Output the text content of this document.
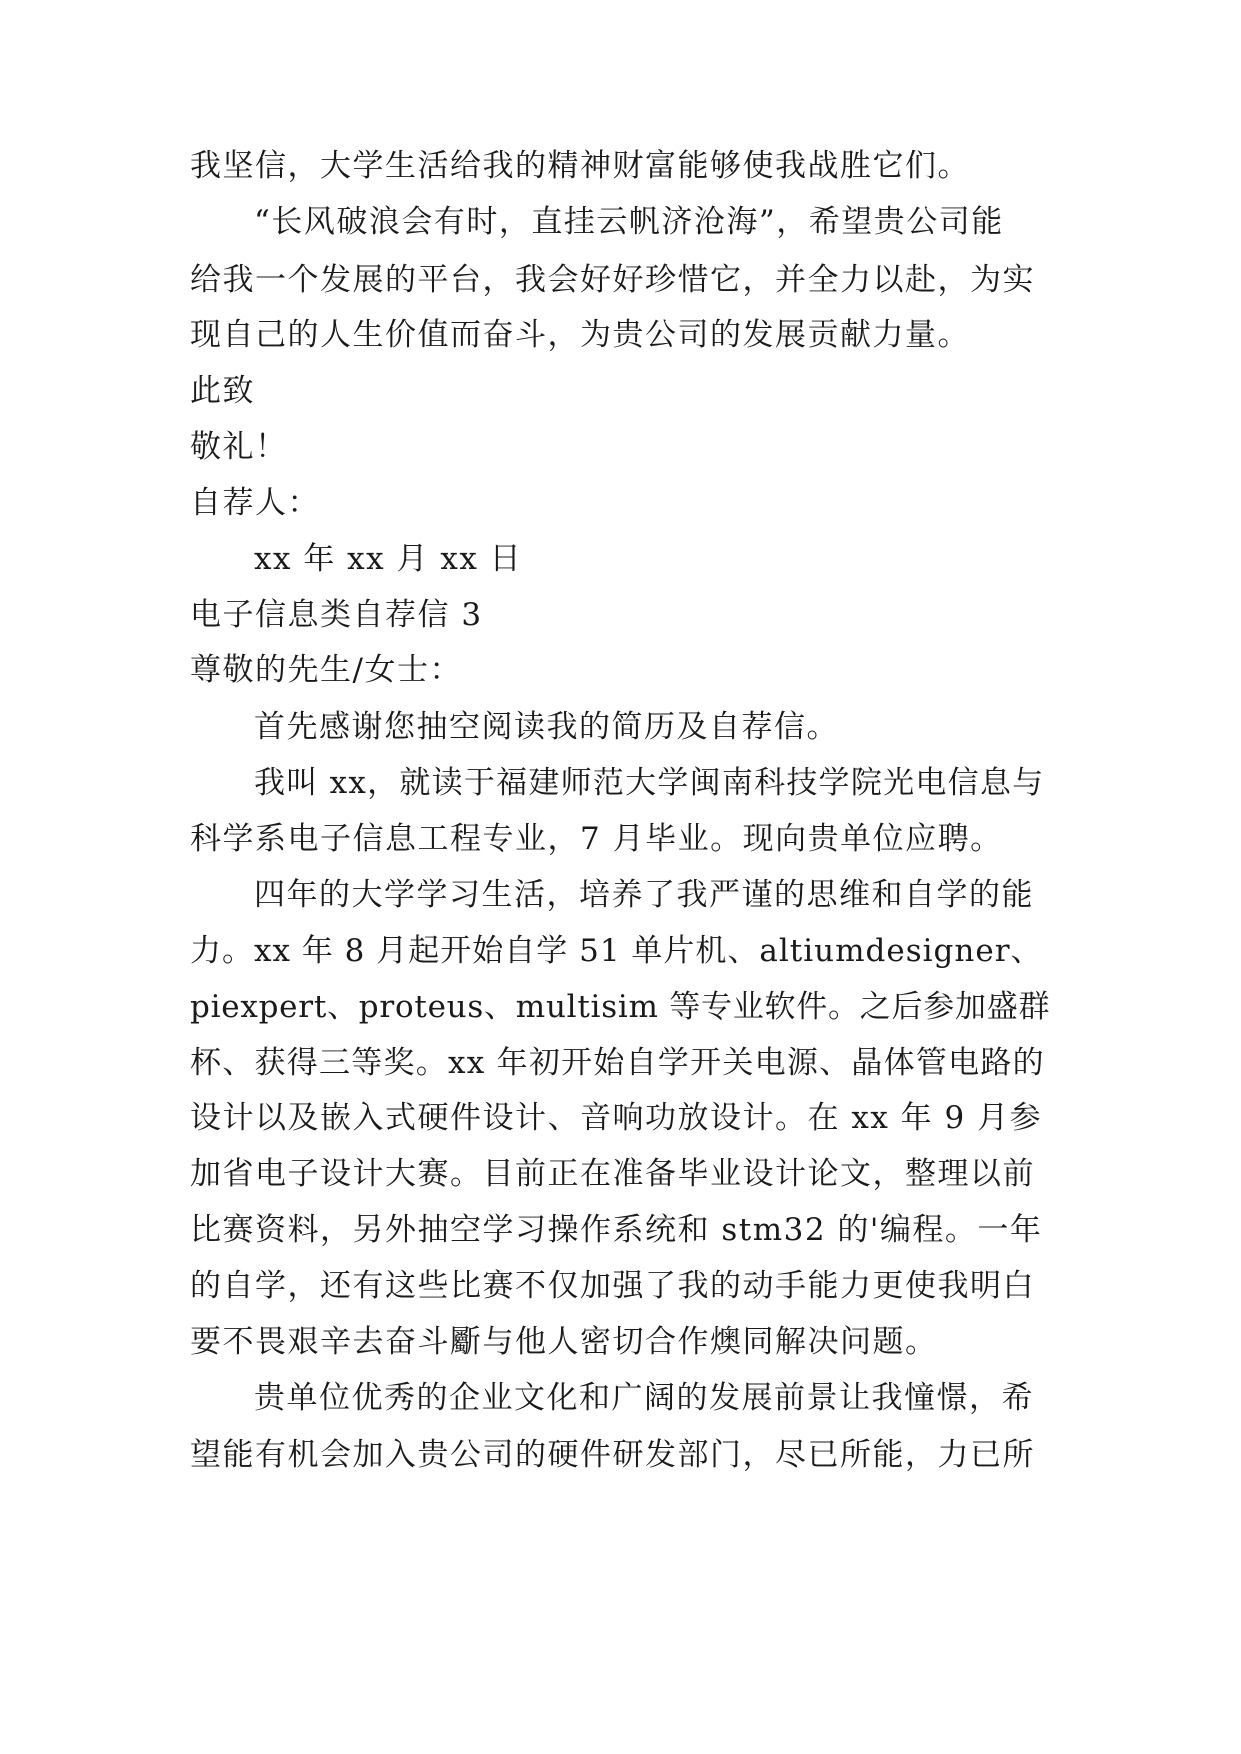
我坚信，大学生活给我的精神财富能够使我战胜它们。
“长风破浪会有时，直挂云帆济沧海”，希望贵公司能
给我一个发展的平台，我会好好珍惜它，并全力以赴，为实
现自己的人生价值而奋斗，为贵公司的发展贡献力量。
此致
敬礼！
自荐人：
xx 年 xx 月 xx 日
电子信息类自荐信 3
尊敬的先生/女士：
首先感谢您抽空阅读我的简历及自荐信。
我叫 xx，就读于福建师范大学闽南科技学院光电信息与
科学系电子信息工程专业，7 月毕业。现向贵单位应聘。
四年的大学学习生活，培养了我严谨的思维和自学的能
力。xx 年 8 月起开始自学 51 单片机、altiumdesigner、
piexpert、proteus、multisim 等专业软件。之后参加盛群
杯、获得三等奖。xx 年初开始自学开关电源、晶体管电路的
设计以及嵌入式硬件设计、音响功放设计。在 xx 年 9 月参
加省电子设计大赛。目前正在准备毕业设计论文，整理以前
比赛资料，另外抽空学习操作系统和 stm32 的'编程。一年
的自学，还有这些比赛不仅加强了我的动手能力更使我明白
要不畏艰辛去奋斗斸与他人密切合作燠同解决问题。
贵单位优秀的企业文化和广阔的发展前景让我憧憬，希
望能有机会加入贵公司的硬件研发部门，尽已所能，力已所
